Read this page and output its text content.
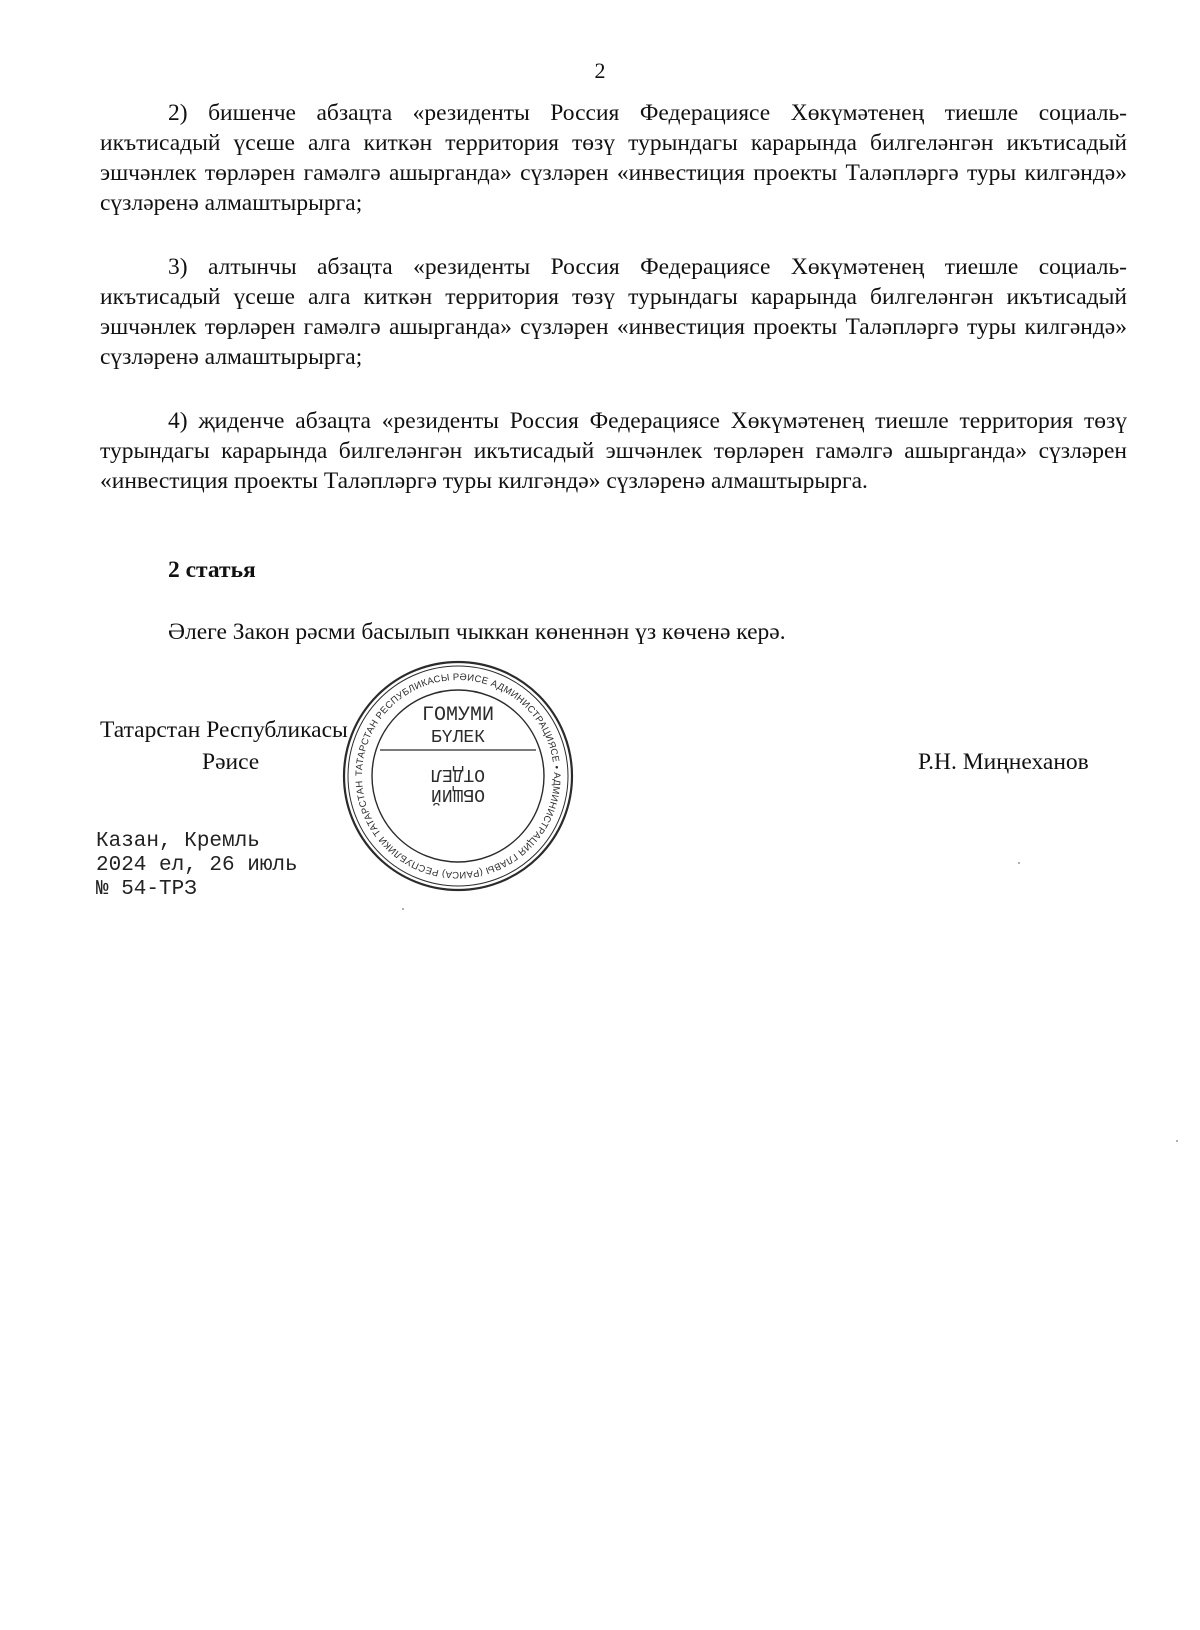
2
2) бишенче абзацта «резиденты Россия Федерациясе Хөкүмәтенең тиешле социаль-икътисадый үсеше алга киткән территория төзү турындагы карарында билгеләнгән икътисадый эшчәнлек төрләрен гамәлгә ашырганда» сүзләрен «инвестиция проекты Таләпләргә туры килгәндә» сүзләренә алмаштырырга;
3) алтынчы абзацта «резиденты Россия Федерациясе Хөкүмәтенең тиешле социаль-икътисадый үсеше алга киткән территория төзү турындагы карарында билгеләнгән икътисадый эшчәнлек төрләрен гамәлгә ашырганда» сүзләрен «инвестиция проекты Таләпләргә туры килгәндә» сүзләренә алмаштырырга;
4) җиденче абзацта «резиденты Россия Федерациясе Хөкүмәтенең тиешле территория төзү турындагы карарында билгеләнгән икътисадый эшчәнлек төрләрен гамәлгә ашырганда» сүзләрен «инвестиция проекты Таләпләргә туры килгәндә» сүзләренә алмаштырырга.
2 статья
Әлеге Закон рәсми басылып чыккан көненнән үз көченә керә.
Татарстан Республикасы
Рәисе	Р.Н. Миңнеханов
Казан, Кремль
2024 ел, 26 июль
№ 54-ТРЗ
ТАТАРСТАН РЕСПУБЛИКАСЫ РӘИСЕ АДМИНИСТРАЦИЯСЕ • АДМИНИСТРАЦИЯ ГЛАВЫ (РАИСА) РЕСПУБЛИКИ ТАТАРСТАН
ГОМУМИ
БҮЛЕК
ОБЩИЙ
ОТДЕЛ
